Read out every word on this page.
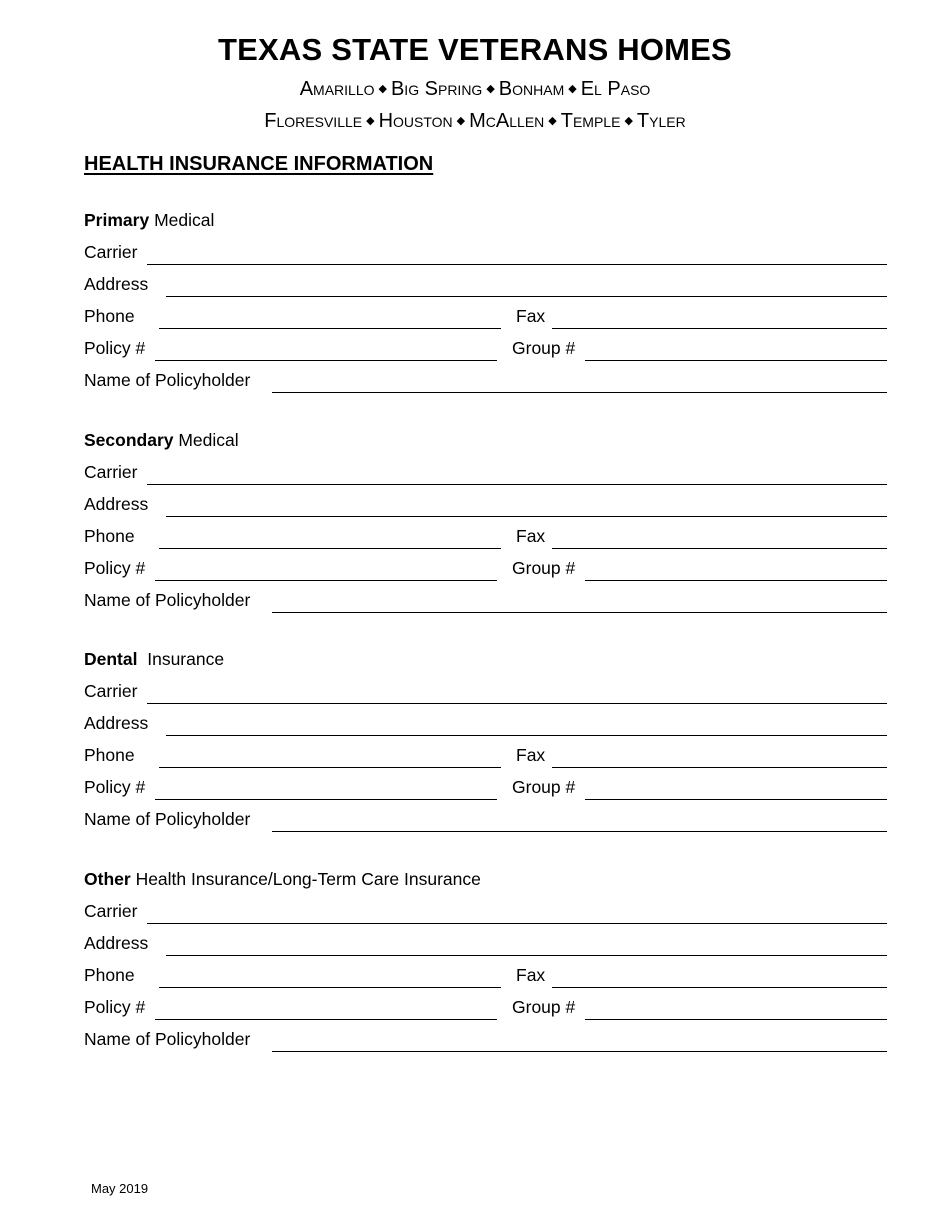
TEXAS STATE VETERANS HOMES
Amarillo ◆ Big Spring ◆ Bonham ◆ El Paso
Floresville ◆ Houston ◆ McAllen ◆ Temple ◆ Tyler
HEALTH INSURANCE INFORMATION
Primary Medical
Carrier
Address
Phone	Fax
Policy #	Group #
Name of Policyholder
Secondary Medical
Carrier
Address
Phone	Fax
Policy #	Group #
Name of Policyholder
Dental Insurance
Carrier
Address
Phone	Fax
Policy #	Group #
Name of Policyholder
Other Health Insurance/Long-Term Care Insurance
Carrier
Address
Phone	Fax
Policy #	Group #
Name of Policyholder
May 2019
